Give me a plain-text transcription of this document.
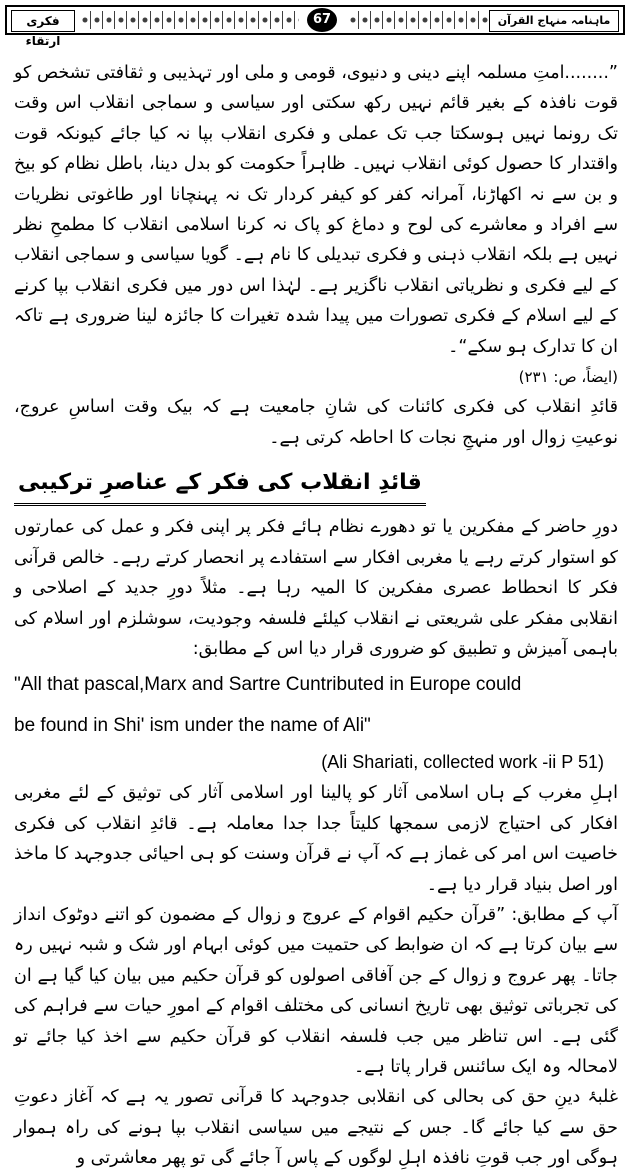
فکری ارتقاء
67	ماہنامہ منہاج القرآن

”........امتِ مسلمہ اپنے دینی و دنیوی، قومی و ملی اور تہذیبی و ثقافتی تشخص کو قوت نافذہ کے بغیر قائم نہیں رکھ سکتی اور سیاسی و سماجی انقلاب اس وقت تک رونما نہیں ہوسکتا جب تک عملی و فکری انقلاب بپا نہ کیا جائے کیونکہ قوت واقتدار کا حصول کوئی انقلاب نہیں۔ ظاہراً حکومت کو بدل دینا، باطل نظام کو بیخ و بن سے نہ اکھاڑنا، آمرانہ کفر کو کیفر کردار تک نہ پہنچانا اور طاغوتی نظریات سے افراد و معاشرے کی لوح و دماغ کو پاک نہ کرنا اسلامی انقلاب کا مطمحِ نظر نہیں ہے بلکہ انقلاب ذہنی و فکری تبدیلی کا نام ہے۔ گویا سیاسی و سماجی انقلاب کے لیے فکری و نظریاتی انقلاب ناگزیر ہے۔ لہٰذا اس دور میں فکری انقلاب بپا کرنے کے لیے اسلام کے فکری تصورات میں پیدا شدہ تغیرات کا جائزہ لینا ضروری ہے تاکہ ان کا تدارک ہو سکے“۔

(ایضاً، ص: ۲۳۱)

قائدِ انقلاب کی فکری کائنات کی شانِ جامعیت ہے کہ بیک وقت اساسِ عروج، نوعیتِ زوال اور منہجِ نجات کا احاطہ کرتی ہے۔

قائدِ انقلاب کی فکر کے عناصرِ ترکیبی

دورِ حاضر کے مفکرین یا تو دھورے نظام ہائے فکر پر اپنی فکر و عمل کی عمارتوں کو استوار کرتے رہے یا مغربی افکار سے استفادے پر انحصار کرتے رہے۔ خالص قرآنی فکر کا انحطاط عصری مفکرین کا المیہ رہا ہے۔ مثلاً دورِ جدید کے اصلاحی و انقلابی مفکر علی شریعتی نے انقلاب کیلئے فلسفہ وجودیت، سوشلزم اور اسلام کی باہمی آمیزش و تطبیق کو ضروری قرار دیا اس کے مطابق:

"All that pascal,Marx and Sartre Cuntributed in Europe could

be found in Shi' ism under the name of Ali"

(Ali Shariati, collected work -ii P 51)

اہلِ مغرب کے ہاں اسلامی آثار کو پالینا اور اسلامی آثار کی توثیق کے لئے مغربی افکار کی احتیاج لازمی سمجھا کلیتاً جدا جدا معاملہ ہے۔ قائدِ انقلاب کی فکری خاصیت اس امر کی غماز ہے کہ آپ نے قرآن وسنت کو ہی احیائی جدوجہد کا ماخذ اور اصل بنیاد قرار دیا ہے۔

آپ کے مطابق: ”قرآن حکیم اقوام کے عروج و زوال کے مضمون کو اتنے دوٹوک انداز سے بیان کرتا ہے کہ ان ضوابط کی حتمیت میں کوئی ابہام اور شک و شبہ نہیں رہ جاتا۔ پھر عروج و زوال کے جن آفاقی اصولوں کو قرآن حکیم میں بیان کیا گیا ہے ان کی تجرباتی توثیق بھی تاریخ انسانی کی مختلف اقوام کے امورِ حیات سے فراہم کی گئی ہے۔ اس تناظر میں جب فلسفہ انقلاب کو قرآن حکیم سے اخذ کیا جائے تو لامحالہ وہ ایک سائنس قرار پاتا ہے۔

غلبۂ دینِ حق کی بحالی کی انقلابی جدوجہد کا قرآنی تصور یہ ہے کہ آغاز دعوتِ حق سے کیا جائے گا۔ جس کے نتیجے میں سیاسی انقلاب بپا ہونے کی راہ ہموار ہوگی اور جب قوتِ نافذہ اہلِ لوگوں کے پاس آ جائے گی تو پھر معاشرتی و
